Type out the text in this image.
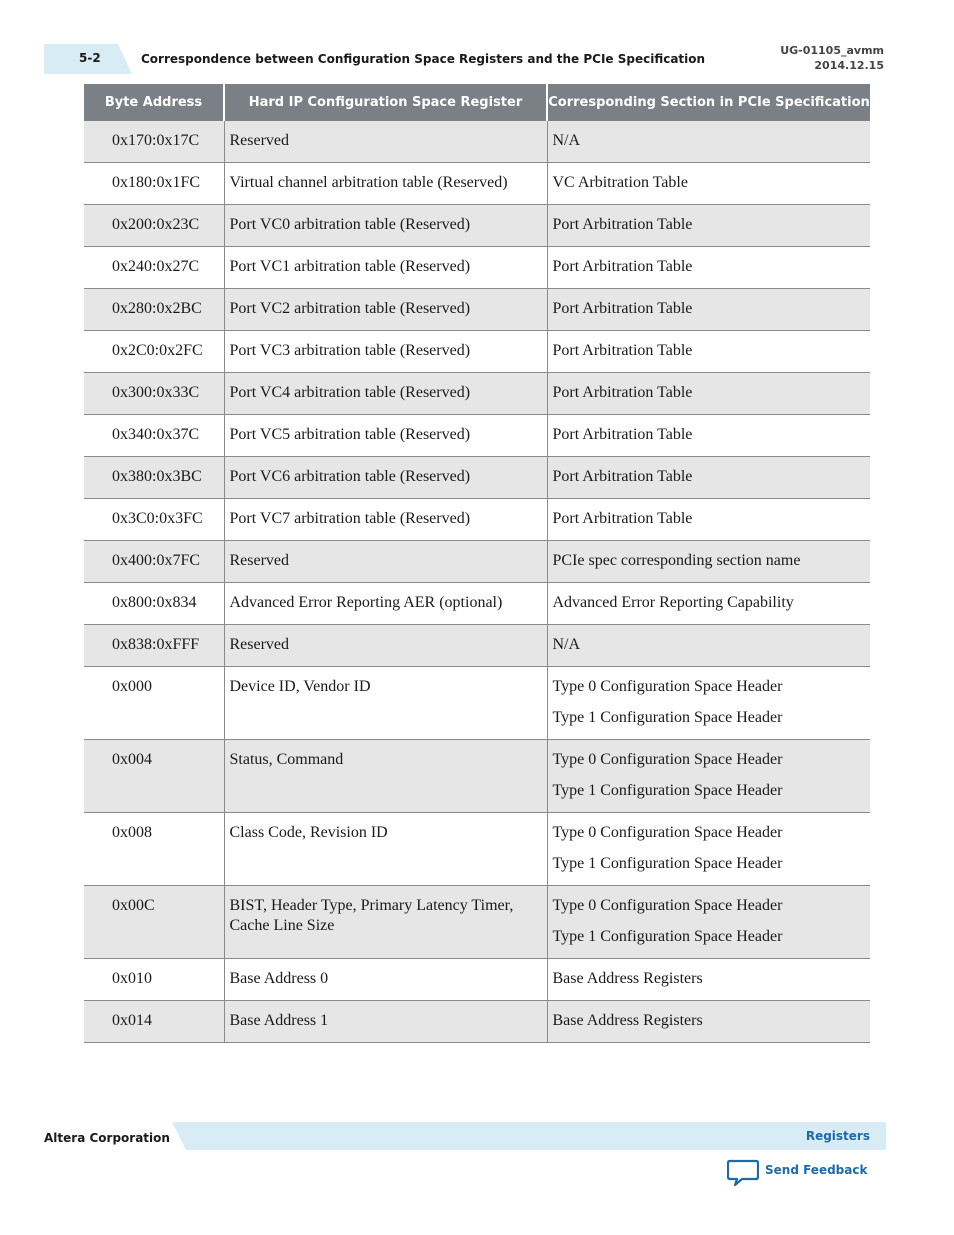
5-2	Correspondence between Configuration Space Registers and the PCIe Specification
UG-01105_avmm
2014.12.15
Byte Address	Hard IP Configuration Space Register	Corresponding Section in PCIe Specification
0x170:0x17C	Reserved	N/A

0x180:0x1FC	Virtual channel arbitration table (Reserved)	VC Arbitration Table

0x200:0x23C	Port VC0 arbitration table (Reserved)	Port Arbitration Table

0x240:0x27C	Port VC1 arbitration table (Reserved)	Port Arbitration Table

0x280:0x2BC	Port VC2 arbitration table (Reserved)	Port Arbitration Table

0x2C0:0x2FC	Port VC3 arbitration table (Reserved)	Port Arbitration Table

0x300:0x33C	Port VC4 arbitration table (Reserved)	Port Arbitration Table

0x340:0x37C	Port VC5 arbitration table (Reserved)	Port Arbitration Table

0x380:0x3BC	Port VC6 arbitration table (Reserved)	Port Arbitration Table

0x3C0:0x3FC	Port VC7 arbitration table (Reserved)	Port Arbitration Table

0x400:0x7FC	Reserved	PCIe spec corresponding section name

0x800:0x834	Advanced Error Reporting AER (optional)	Advanced Error Reporting Capability

0x838:0xFFF	Reserved	N/A

0x000	Device ID, Vendor ID	Type 0 Configuration Space Header
Type 1 Configuration Space Header

0x004	Status, Command	Type 0 Configuration Space Header
Type 1 Configuration Space Header

0x008	Class Code, Revision ID	Type 0 Configuration Space Header
Type 1 Configuration Space Header

0x00C	BIST, Header Type, Primary Latency Timer, Cache Line Size	Type 0 Configuration Space Header
Type 1 Configuration Space Header

0x010	Base Address 0	Base Address Registers

0x014	Base Address 1	Base Address Registers
Altera Corporation	Registers
Send Feedback
